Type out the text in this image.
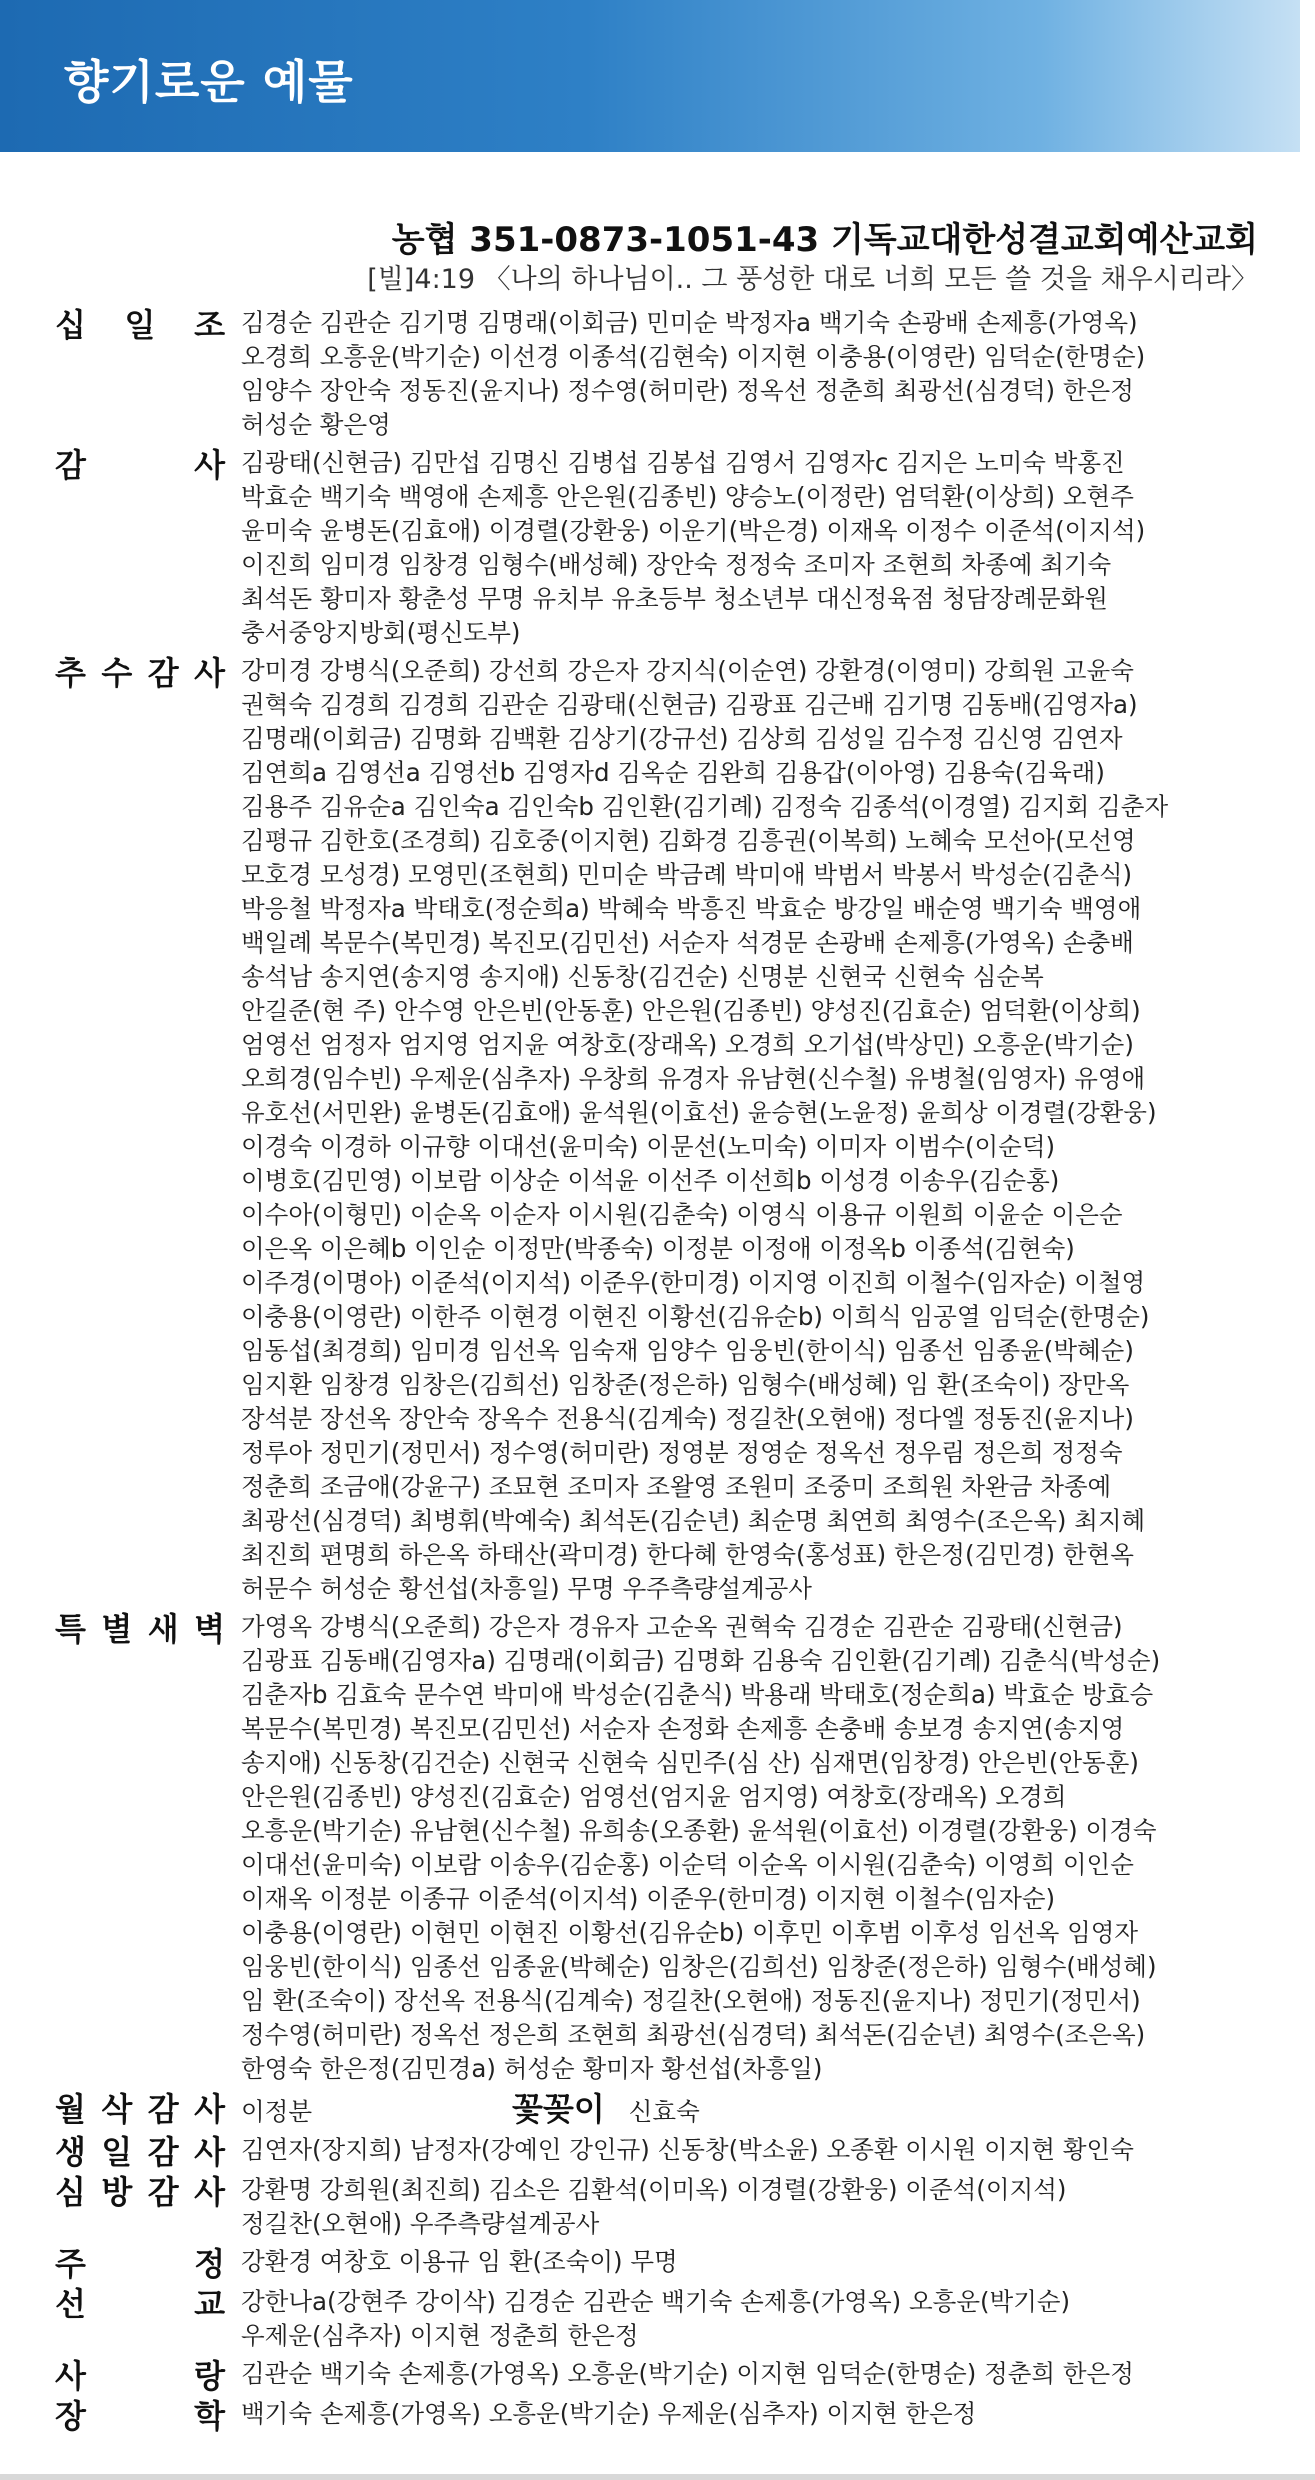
향기로운 예물
농협 351-0873-1051-43 기독교대한성결교회예산교회
[빌]4:19 〈나의 하나님이.. 그 풍성한 대로 너희 모든 쓸 것을 채우시리라〉
십 일 조 김경순 김관순 김기명 김명래(이회금) 민미순 박정자a 백기숙 손광배 손제흥(가영옥)

오경희 오흥운(박기순) 이선경 이종석(김현숙) 이지현 이충용(이영란) 임덕순(한명순)

임양수 장안숙 정동진(윤지나) 정수영(허미란) 정옥선 정춘희 최광선(심경덕) 한은정

허성순 황은영

감	사 김광태(신현금) 김만섭 김명신 김병섭 김봉섭 김영서 김영자c 김지은 노미숙 박홍진

박효순 백기숙 백영애 손제흥 안은원(김종빈) 양승노(이정란) 엄덕환(이상희) 오현주

윤미숙 윤병돈(김효애) 이경렬(강환웅) 이운기(박은경) 이재옥 이정수 이준석(이지석)

이진희 임미경 임창경 임형수(배성혜) 장안숙 정정숙 조미자 조현희 차종예 최기숙

최석돈 황미자 황춘성 무명 유치부 유초등부 청소년부 대신정육점 청담장례문화원

충서중앙지방회(평신도부)

추 수 감 사 강미경 강병식(오준희) 강선희 강은자 강지식(이순연) 강환경(이영미) 강희원 고윤숙

권혁숙 김경희 김경희 김관순 김광태(신현금) 김광표 김근배 김기명 김동배(김영자a)

김명래(이회금) 김명화 김백환 김상기(강규선) 김상희 김성일 김수정 김신영 김연자

김연희a 김영선a 김영선b 김영자d 김옥순 김완희 김용갑(이아영) 김용숙(김육래)

김용주 김유순a 김인숙a 김인숙b 김인환(김기례) 김정숙 김종석(이경열) 김지회 김춘자

김평규 김한호(조경희) 김호중(이지현) 김화경 김흥권(이복희) 노혜숙 모선아(모선영

모호경 모성경) 모영민(조현희) 민미순 박금례 박미애 박범서 박봉서 박성순(김춘식)

박응철 박정자a 박태호(정순희a) 박혜숙 박흥진 박효순 방강일 배순영 백기숙 백영애

백일례 복문수(복민경) 복진모(김민선) 서순자 석경문 손광배 손제흥(가영옥) 손충배

송석남 송지연(송지영 송지애) 신동창(김건순) 신명분 신현국 신현숙 심순복

안길준(현 주) 안수영 안은빈(안동훈) 안은원(김종빈) 양성진(김효순) 엄덕환(이상희)

엄영선 엄정자 엄지영 엄지윤 여창호(장래옥) 오경희 오기섭(박상민) 오흥운(박기순)

오희경(임수빈) 우제운(심추자) 우창희 유경자 유남현(신수철) 유병철(임영자) 유영애

유호선(서민완) 윤병돈(김효애) 윤석원(이효선) 윤승현(노윤정) 윤희상 이경렬(강환웅)

이경숙 이경하 이규향 이대선(윤미숙) 이문선(노미숙) 이미자 이범수(이순덕)

이병호(김민영) 이보람 이상순 이석윤 이선주 이선희b 이성경 이송우(김순홍)

이수아(이형민) 이순옥 이순자 이시원(김춘숙) 이영식 이용규 이원희 이윤순 이은순

이은옥 이은혜b 이인순 이정만(박종숙) 이정분 이정애 이정옥b 이종석(김현숙)

이주경(이명아) 이준석(이지석) 이준우(한미경) 이지영 이진희 이철수(임자순) 이철영

이충용(이영란) 이한주 이현경 이현진 이황선(김유순b) 이희식 임공열 임덕순(한명순)

임동섭(최경희) 임미경 임선옥 임숙재 임양수 임웅빈(한이식) 임종선 임종윤(박혜순)

임지환 임창경 임창은(김희선) 임창준(정은하) 임형수(배성혜) 임 환(조숙이) 장만옥

장석분 장선옥 장안숙 장옥수 전용식(김계숙) 정길찬(오현애) 정다엘 정동진(윤지나)

정루아 정민기(정민서) 정수영(허미란) 정영분 정영순 정옥선 정우림 정은희 정정숙

정춘희 조금애(강윤구) 조묘현 조미자 조왈영 조원미 조중미 조희원 차완금 차종예

최광선(심경덕) 최병휘(박예숙) 최석돈(김순년) 최순명 최연희 최영수(조은옥) 최지혜

최진희 편명희 하은옥 하태산(곽미경) 한다혜 한영숙(홍성표) 한은정(김민경) 한현옥

허문수 허성순 황선섭(차흥일) 무명 우주측량설계공사

특 별 새 벽 가영옥 강병식(오준희) 강은자 경유자 고순옥 권혁숙 김경순 김관순 김광태(신현금)

김광표 김동배(김영자a) 김명래(이회금) 김명화 김용숙 김인환(김기례) 김춘식(박성순)

김춘자b 김효숙 문수연 박미애 박성순(김춘식) 박용래 박태호(정순희a) 박효순 방효승

복문수(복민경) 복진모(김민선) 서순자 손정화 손제흥 손충배 송보경 송지연(송지영

송지애) 신동창(김건순) 신현국 신현숙 심민주(심 산) 심재면(임창경) 안은빈(안동훈)

안은원(김종빈) 양성진(김효순) 엄영선(엄지윤 엄지영) 여창호(장래옥) 오경희

오흥운(박기순) 유남현(신수철) 유희송(오종환) 윤석원(이효선) 이경렬(강환웅) 이경숙

이대선(윤미숙) 이보람 이송우(김순홍) 이순덕 이순옥 이시원(김춘숙) 이영희 이인순

이재옥 이정분 이종규 이준석(이지석) 이준우(한미경) 이지현 이철수(임자순)

이충용(이영란) 이현민 이현진 이황선(김유순b) 이후민 이후범 이후성 임선옥 임영자

임웅빈(한이식) 임종선 임종윤(박혜순) 임창은(김희선) 임창준(정은하) 임형수(배성혜)

임 환(조숙이) 장선옥 전용식(김계숙) 정길찬(오현애) 정동진(윤지나) 정민기(정민서)

정수영(허미란) 정옥선 정은희 조현희 최광선(심경덕) 최석돈(김순년) 최영수(조은옥)

한영숙 한은정(김민경a) 허성순 황미자 황선섭(차흥일)

월 삭 감 사 이정분	꽃꽂이 신효숙
생 일 감 사 김연자(장지희) 남정자(강예인 강인규) 신동창(박소윤) 오종환 이시원 이지현 황인숙

심 방 감 사 강환명 강희원(최진희) 김소은 김환석(이미옥) 이경렬(강환웅) 이준석(이지석)

정길찬(오현애) 우주측량설계공사

주	정 강환경 여창호 이용규 임 환(조숙이) 무명

선	교 강한나a(강현주 강이삭) 김경순 김관순 백기숙 손제흥(가영옥) 오흥운(박기순)

우제운(심추자) 이지현 정춘희 한은정

사	랑 김관순 백기숙 손제흥(가영옥) 오흥운(박기순) 이지현 임덕순(한명순) 정춘희 한은정

장	학 백기숙 손제흥(가영옥) 오흥운(박기순) 우제운(심추자) 이지현 한은정
